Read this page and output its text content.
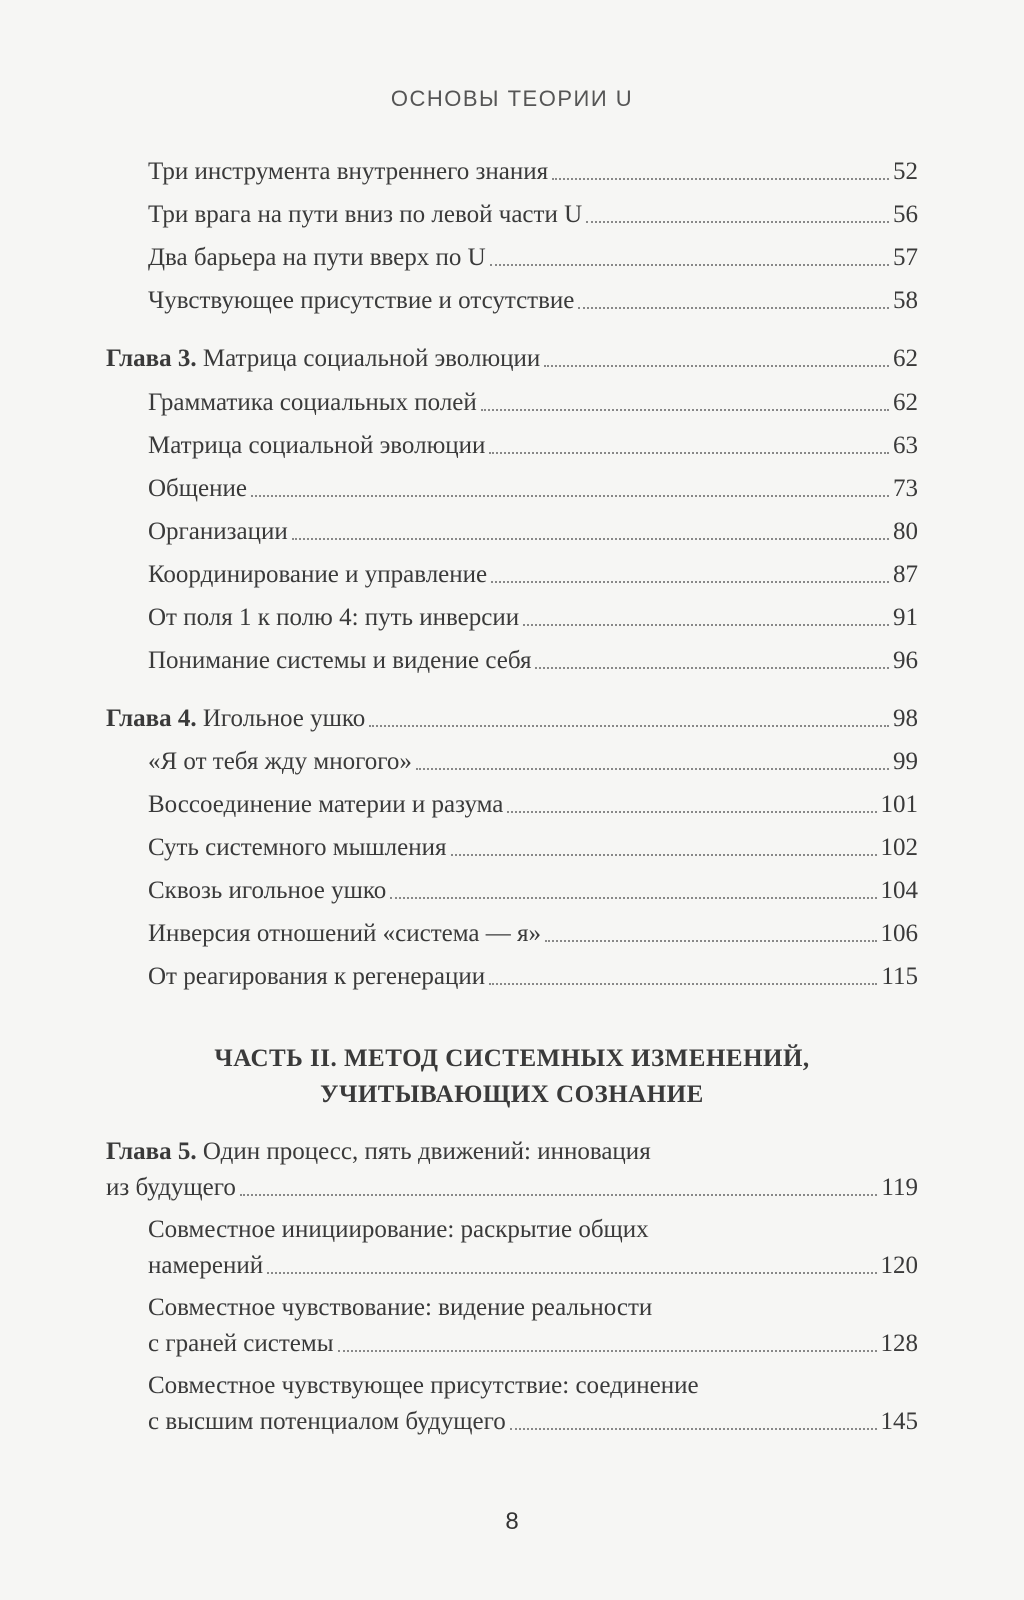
ОСНОВЫ ТЕОРИИ U
Три инструмента внутреннего знания	52
Три врага на пути вниз по левой части U	56
Два барьера на пути вверх по U	57
Чувствующее присутствие и отсутствие	58
Глава 3. Матрица социальной эволюции	62
Грамматика социальных полей	62
Матрица социальной эволюции	63
Общение	73
Организации	80
Координирование и управление	87
От поля 1 к полю 4: путь инверсии	91
Понимание системы и видение себя	96
Глава 4. Игольное ушко	98
«Я от тебя жду многого»	99
Воссоединение материи и разума	101
Суть системного мышления	102
Сквозь игольное ушко	104
Инверсия отношений «система — я»	106
От реагирования к регенерации	115
ЧАСТЬ II. МЕТОД СИСТЕМНЫХ ИЗМЕНЕНИЙ,
УЧИТЫВАЮЩИХ СОЗНАНИЕ
Глава 5. Один процесс, пять движений: инновация
из будущего	119
Совместное инициирование: раскрытие общих
намерений	120
Совместное чувствование: видение реальности
с граней системы	128
Совместное чувствующее присутствие: соединение
с высшим потенциалом будущего	145
8
